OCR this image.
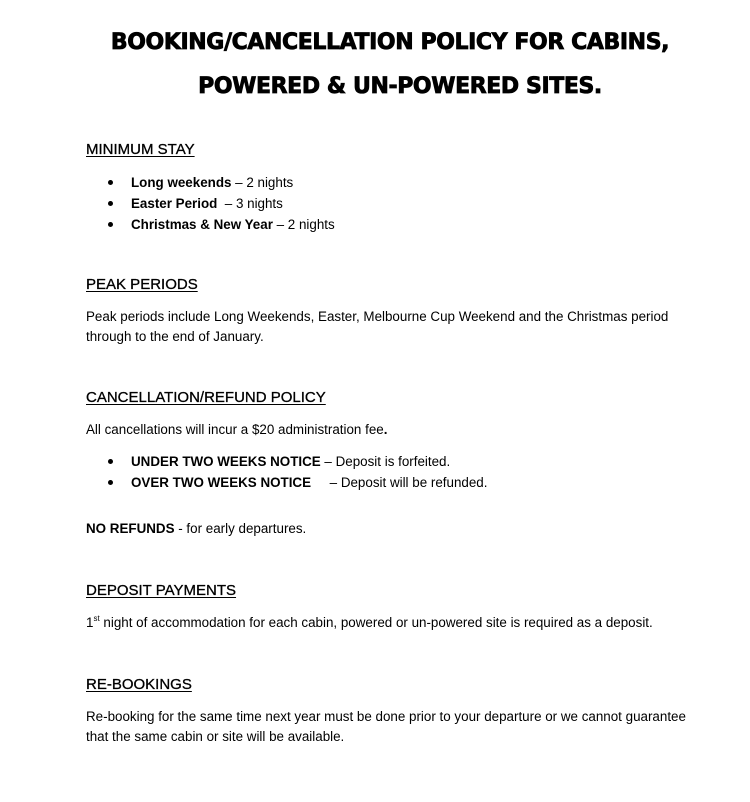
BOOKING/CANCELLATION POLICY FOR CABINS,
POWERED & UN-POWERED SITES.
MINIMUM STAY
Long weekends – 2 nights
Easter Period  – 3 nights
Christmas & New Year – 2 nights
PEAK PERIODS
Peak periods include Long Weekends, Easter, Melbourne Cup Weekend and the Christmas period through to the end of January.
CANCELLATION/REFUND POLICY
All cancellations will incur a $20 administration fee.
UNDER TWO WEEKS NOTICE – Deposit is forfeited.
OVER TWO WEEKS NOTICE     – Deposit will be refunded.
NO REFUNDS - for early departures.
DEPOSIT PAYMENTS
1st night of accommodation for each cabin, powered or un-powered site is required as a deposit.
RE-BOOKINGS
Re-booking for the same time next year must be done prior to your departure or we cannot guarantee that the same cabin or site will be available.
